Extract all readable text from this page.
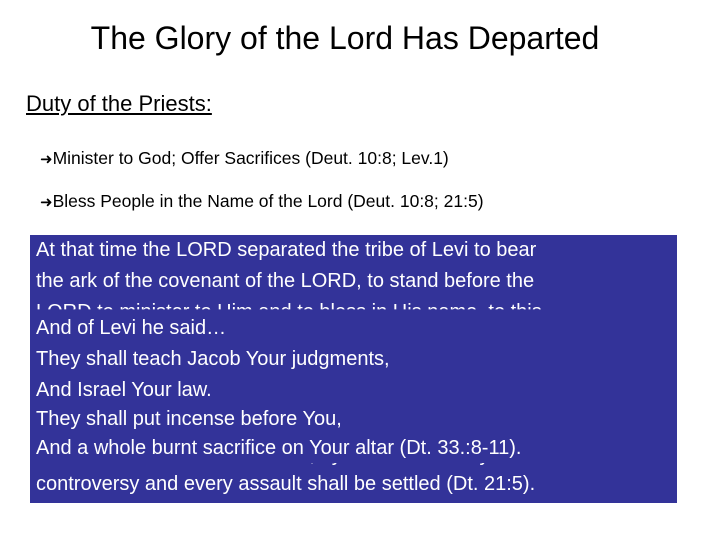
The Glory of the Lord Has Departed
Duty of the Priests:
➜Minister to God; Offer Sacrifices (Deut. 10:8; Lev.1)
➜Bless People in the Name of the Lord (Deut. 10:8; 21:5)
At that time the LORD separated the tribe of Levi to bear
the ark of the covenant of the LORD, to stand before the
controversy and every assault shall be settled (Dt. 21:5).
And of Levi he said…
They shall teach Jacob Your judgments,
And Israel Your law.
They shall put incense before You,
And a whole burnt sacrifice on Your altar (Dt. 33.:8-11).
